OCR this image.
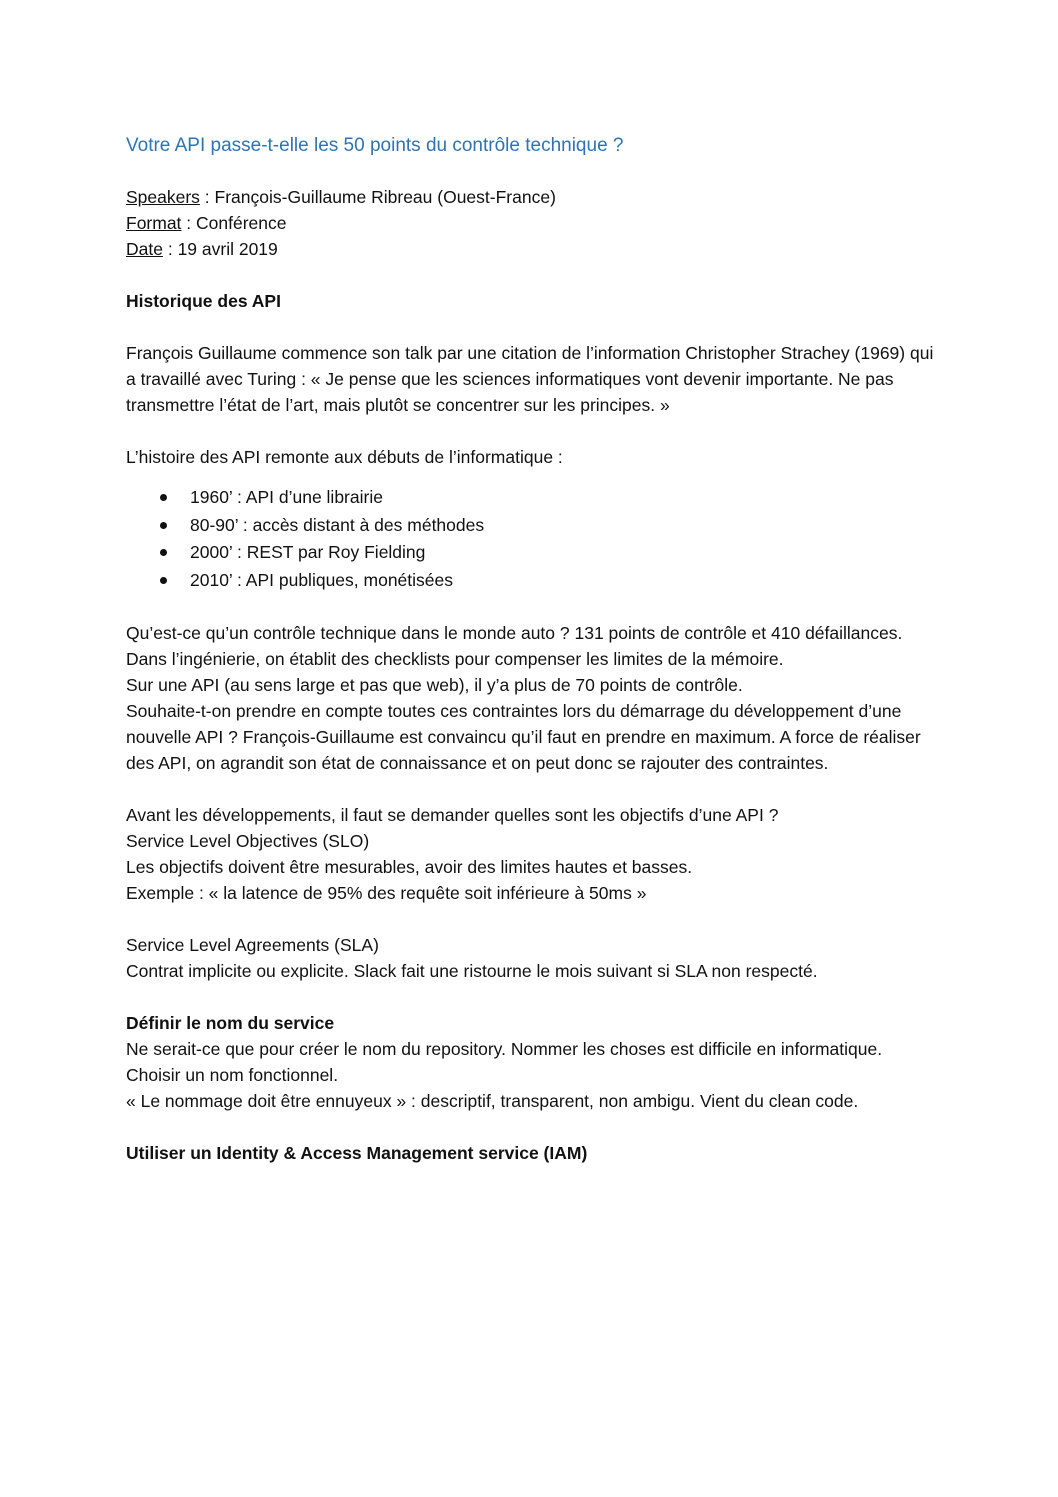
Votre API passe-t-elle les 50 points du contrôle technique ?
Speakers : François-Guillaume Ribreau (Ouest-France)
Format : Conférence
Date : 19 avril 2019

Historique des API

François Guillaume commence son talk par une citation de l’information Christopher Strachey (1969) qui a travaillé avec Turing : « Je pense que les sciences informatiques vont devenir importante. Ne pas transmettre l’état de l’art, mais plutôt se concentrer sur les principes. »

L’histoire des API remonte aux débuts de l’informatique :

1960’ : API d’une librairie
80-90’ : accès distant à des méthodes
2000’ : REST par Roy Fielding
2010’ : API publiques, monétisées
Qu’est-ce qu’un contrôle technique dans le monde auto ? 131 points de contrôle et 410 défaillances.
Dans l’ingénierie, on établit des checklists pour compenser les limites de la mémoire.
Sur une API (au sens large et pas que web), il y’a plus de 70 points de contrôle.
Souhaite-t-on prendre en compte toutes ces contraintes lors du démarrage du développement d’une nouvelle API ? François-Guillaume est convaincu qu’il faut en prendre en maximum. A force de réaliser des API, on agrandit son état de connaissance et on peut donc se rajouter des contraintes.
Avant les développements, il faut se demander quelles sont les objectifs d’une API ?
Service Level Objectives (SLO)
Les objectifs doivent être mesurables, avoir des limites hautes et basses.
Exemple : « la latence de 95% des requête soit inférieure à 50ms »
Service Level Agreements (SLA)
Contrat implicite ou explicite. Slack fait une ristourne le mois suivant si SLA non respecté.

Définir le nom du service

Ne serait-ce que pour créer le nom du repository. Nommer les choses est difficile en informatique. Choisir un nom fonctionnel.
« Le nommage doit être ennuyeux » : descriptif, transparent, non ambigu. Vient du clean code.

Utiliser un Identity & Access Management service (IAM)
